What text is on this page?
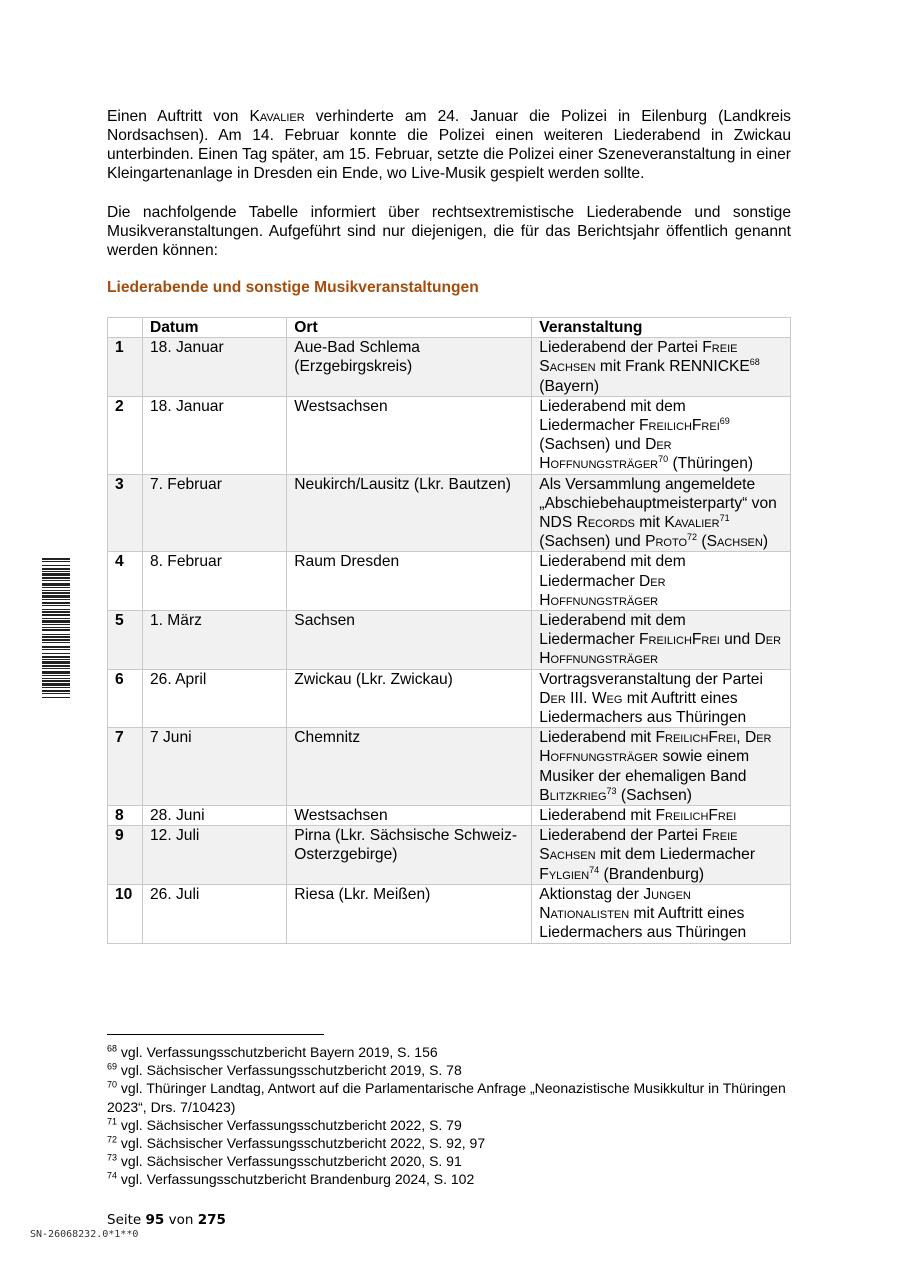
Einen Auftritt von Kavalier verhinderte am 24. Januar die Polizei in Eilenburg (Landkreis Nordsachsen). Am 14. Februar konnte die Polizei einen weiteren Liederabend in Zwickau unterbinden. Einen Tag später, am 15. Februar, setzte die Polizei einer Szeneveranstaltung in einer Kleingartenanlage in Dresden ein Ende, wo Live-Musik gespielt werden sollte.

Die nachfolgende Tabelle informiert über rechtsextremistische Liederabende und sonstige Musikveranstaltungen. Aufgeführt sind nur diejenigen, die für das Berichtsjahr öffentlich genannt werden können:

Liederabende und sonstige Musikveranstaltungen

	Datum	Ort	Veranstaltung
1	18. Januar	Aue-Bad Schlema (Erzgebirgskreis)	Liederabend der Partei Freie Sachsen mit Frank RENNICKE$^{68}$ (Bayern)
2	18. Januar	Westsachsen	Liederabend mit dem Liedermacher FreilichFrei$^{69}$ (Sachsen) und Der Hoffnungsträger$^{70}$ (Thüringen)
3	7. Februar	Neukirch/Lausitz (Lkr. Bautzen)	Als Versammlung angemeldete „Abschiebehauptmeisterparty“ von NDS Records mit Kavalier$^{71}$ (Sachsen) und Proto$^{72}$ (Sachsen)
4	8. Februar	Raum Dresden	Liederabend mit dem Liedermacher Der Hoffnungsträger
5	1. März	Sachsen	Liederabend mit dem Liedermacher FreilichFrei und Der Hoffnungsträger
6	26. April	Zwickau (Lkr. Zwickau)	Vortragsveranstaltung der Partei Der III. Weg mit Auftritt eines Liedermachers aus Thüringen
7	7 Juni	Chemnitz	Liederabend mit FreilichFrei, Der Hoffnungsträger sowie einem Musiker der ehemaligen Band Blitzkrieg$^{73}$ (Sachsen)
8	28. Juni	Westsachsen	Liederabend mit FreilichFrei
9	12. Juli	Pirna (Lkr. Sächsische Schweiz-Osterzgebirge)	Liederabend der Partei Freie Sachsen mit dem Liedermacher Fylgien$^{74}$ (Brandenburg)
10	26. Juli	Riesa (Lkr. Meißen)	Aktionstag der Jungen Nationalisten mit Auftritt eines Liedermachers aus Thüringen
$^{68}$ vgl. Verfassungsschutzbericht Bayern 2019, S. 156
$^{69}$ vgl. Sächsischer Verfassungsschutzbericht 2019, S. 78
$^{70}$ vgl. Thüringer Landtag, Antwort auf die Parlamentarische Anfrage „Neonazistische Musikkultur in Thüringen 2023“, Drs. 7/10423)
$^{71}$ vgl. Sächsischer Verfassungsschutzbericht 2022, S. 79
$^{72}$ vgl. Sächsischer Verfassungsschutzbericht 2022, S. 92, 97
$^{73}$ vgl. Sächsischer Verfassungsschutzbericht 2020, S. 91
$^{74}$ vgl. Verfassungsschutzbericht Brandenburg 2024, S. 102
Seite 95 von 275
SN-26068232.0*1**0
